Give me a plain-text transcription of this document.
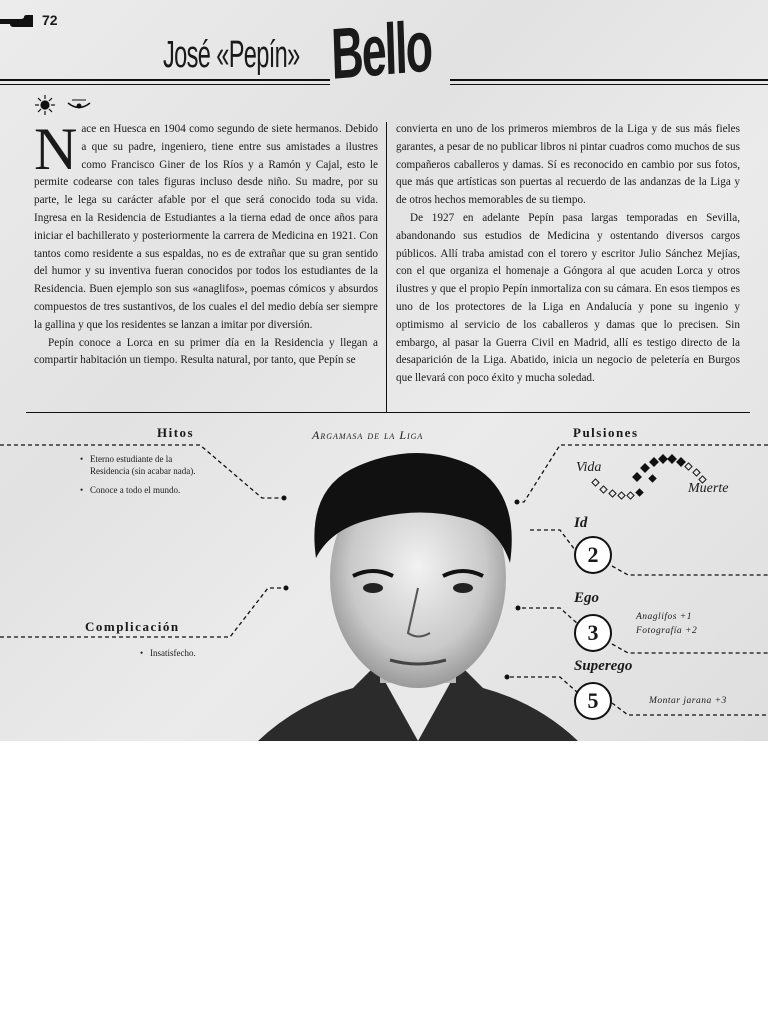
72
José «Pepín» Bello

Nace en Huesca en 1904 como segundo de siete hermanos. Debido a que su padre, ingeniero, tiene entre sus amistades a ilustres como Francisco Giner de los Ríos y a Ramón y Cajal, esto le permite codearse con tales figuras incluso desde niño. Su madre, por su parte, le lega su carácter afable por el que será conocido toda su vida. Ingresa en la Residencia de Estudiantes a la tierna edad de once años para iniciar el bachillerato y posteriormente la carrera de Medicina en 1921. Con tantos como residente a sus espaldas, no es de extrañar que su gran sentido del humor y su inventiva fueran conocidos por todos los estudiantes de la Residencia. Buen ejemplo son sus «anaglifos», poemas cómicos y absurdos compuestos de tres sustantivos, de los cuales el del medio debía ser siempre la gallina y que los residentes se lanzan a imitar por diversión.

Pepín conoce a Lorca en su primer día en la Residencia y llegan a compartir habitación un tiempo. Resulta natural, por tanto, que Pepín se

convierta en uno de los primeros miembros de la Liga y de sus más fieles garantes, a pesar de no publicar libros ni pintar cuadros como muchos de sus compañeros caballeros y damas. Sí es reconocido en cambio por sus fotos, que más que artísticas son puertas al recuerdo de las andanzas de la Liga y de otros hechos memorables de su tiempo.

De 1927 en adelante Pepín pasa largas temporadas en Sevilla, abandonando sus estudios de Medicina y ostentando diversos cargos públicos. Allí traba amistad con el torero y escritor Julio Sánchez Mejías, con el que organiza el homenaje a Góngora al que acuden Lorca y otros ilustres y que el propio Pepín inmortaliza con su cámara. En esos tiempos es uno de los protectores de la Liga en Andalucía y pone su ingenio y optimismo al servicio de los caballeros y damas que lo precisen. Sin embargo, al pasar la Guerra Civil en Madrid, allí es testigo directo de la desaparición de la Liga. Abatido, inicia un negocio de peletería en Burgos que llevará con poco éxito y mucha soledad.

Hitos
• Eterno estudiante de la Residencia (sin acabar nada).
• Conoce a todo el mundo.
Complicación
• Insatisfecho.
Argamasa de la Liga	Pulsiones
Vida
Muerte
Id
2
Ego
3
Anaglifos +1
Fotografía +2
Superego
5	Montar jarana +3
